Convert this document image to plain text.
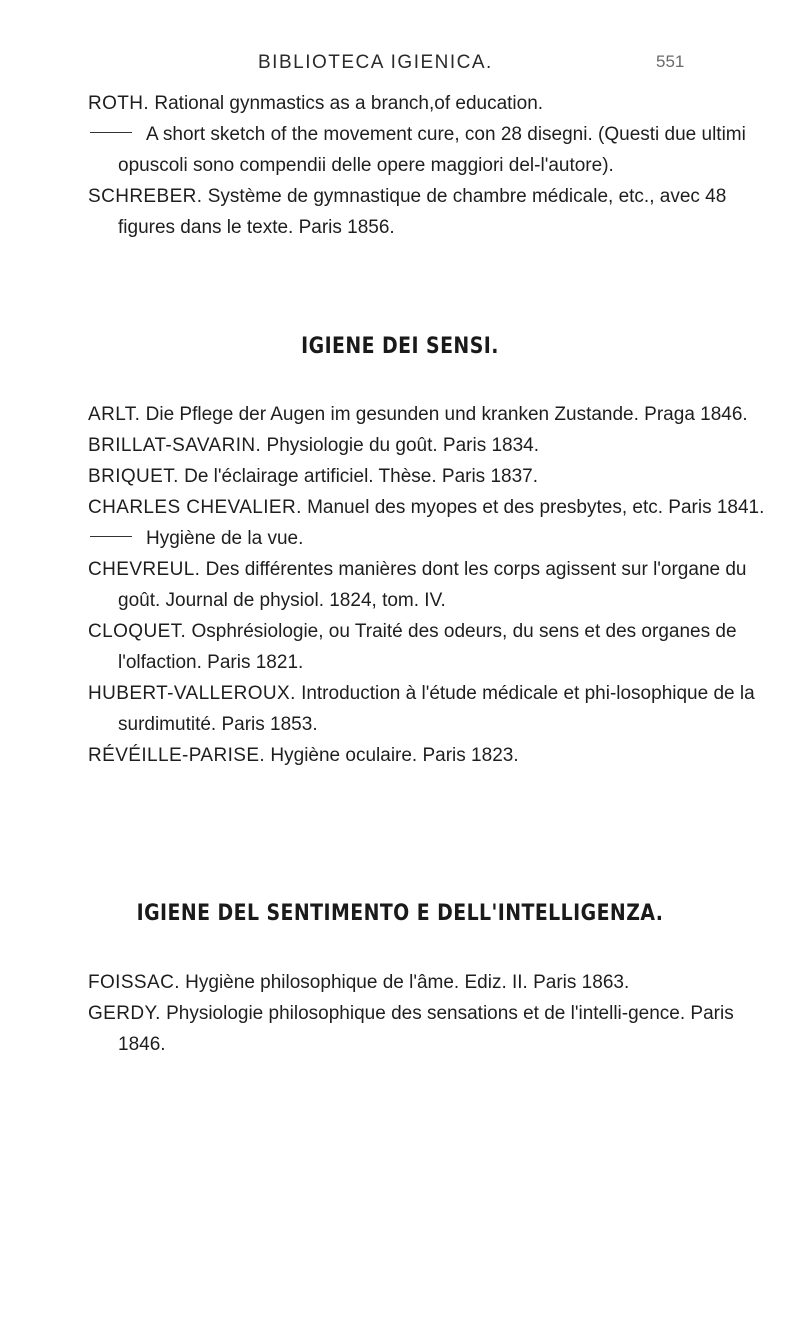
BIBLIOTECA IGIENICA.	551

ROTH. Rational gynmastics as a branch,of education.

A short sketch of the movement cure, con 28 disegni. (Questi due ultimi opuscoli sono compendii delle opere maggiori del-l'autore).

SCHREBER. Système de gymnastique de chambre médicale, etc., avec 48 figures dans le texte. Paris 1856.

IGIENE DEI SENSI.

ARLT. Die Pflege der Augen im gesunden und kranken Zustande. Praga 1846.

BRILLAT-SAVARIN. Physiologie du goût. Paris 1834.

BRIQUET. De l'éclairage artificiel. Thèse. Paris 1837.

CHARLES CHEVALIER. Manuel des myopes et des presbytes, etc. Paris 1841.

Hygiène de la vue.

CHEVREUL. Des différentes manières dont les corps agissent sur l'organe du goût. Journal de physiol. 1824, tom. IV.

CLOQUET. Osphrésiologie, ou Traité des odeurs, du sens et des organes de l'olfaction. Paris 1821.

HUBERT-VALLEROUX. Introduction à l'étude médicale et phi-losophique de la surdimutité. Paris 1853.

RÉVÉILLE-PARISE. Hygiène oculaire. Paris 1823.

IGIENE DEL SENTIMENTO E DELL'INTELLIGENZA.

FOISSAC. Hygiène philosophique de l'âme. Ediz. II. Paris 1863.

GERDY. Physiologie philosophique des sensations et de l'intelli-gence. Paris 1846.
